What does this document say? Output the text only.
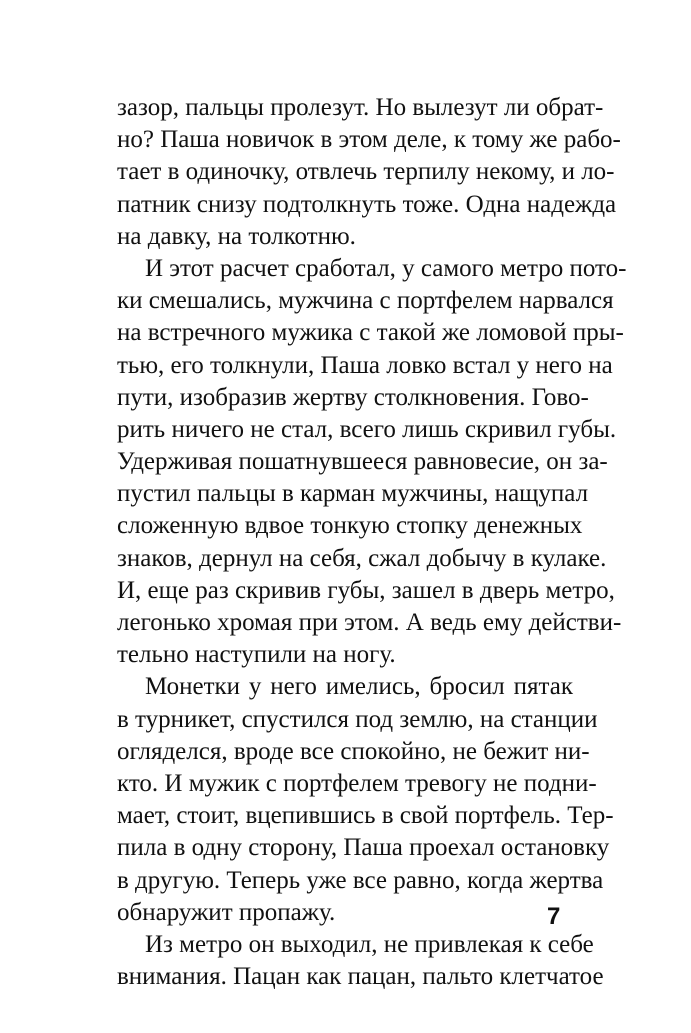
зазор, пальцы пролезут. Но вылезут ли обрат-
но? Паша новичок в этом деле, к тому же рабо-
тает в одиночку, отвлечь терпилу некому, и ло-
патник снизу подтолкнуть тоже. Одна надежда
на давку, на толкотню.
И этот расчет сработал, у самого метро пото-
ки смешались, мужчина с портфелем нарвался
на встречного мужика с такой же ломовой пры-
тью, его толкнули, Паша ловко встал у него на
пути, изобразив жертву столкновения. Гово-
рить ничего не стал, всего лишь скривил губы.
Удерживая пошатнувшееся равновесие, он за-
пустил пальцы в карман мужчины, нащупал
сложенную вдвое тонкую стопку денежных
знаков, дернул на себя, сжал добычу в кулаке.
И, еще раз скривив губы, зашел в дверь метро,
легонько хромая при этом. А ведь ему действи-
тельно наступили на ногу.
Монетки у него имелись, бросил пятак
в турникет, спустился под землю, на станции
огляделся, вроде все спокойно, не бежит ни-
кто. И мужик с портфелем тревогу не подни-
мает, стоит, вцепившись в свой портфель. Тер-
пила в одну сторону, Паша проехал остановку
в другую. Теперь уже все равно, когда жертва
обнаружит пропажу.
Из метро он выходил, не привлекая к себе
внимания. Пацан как пацан, пальто клетчатое
7
